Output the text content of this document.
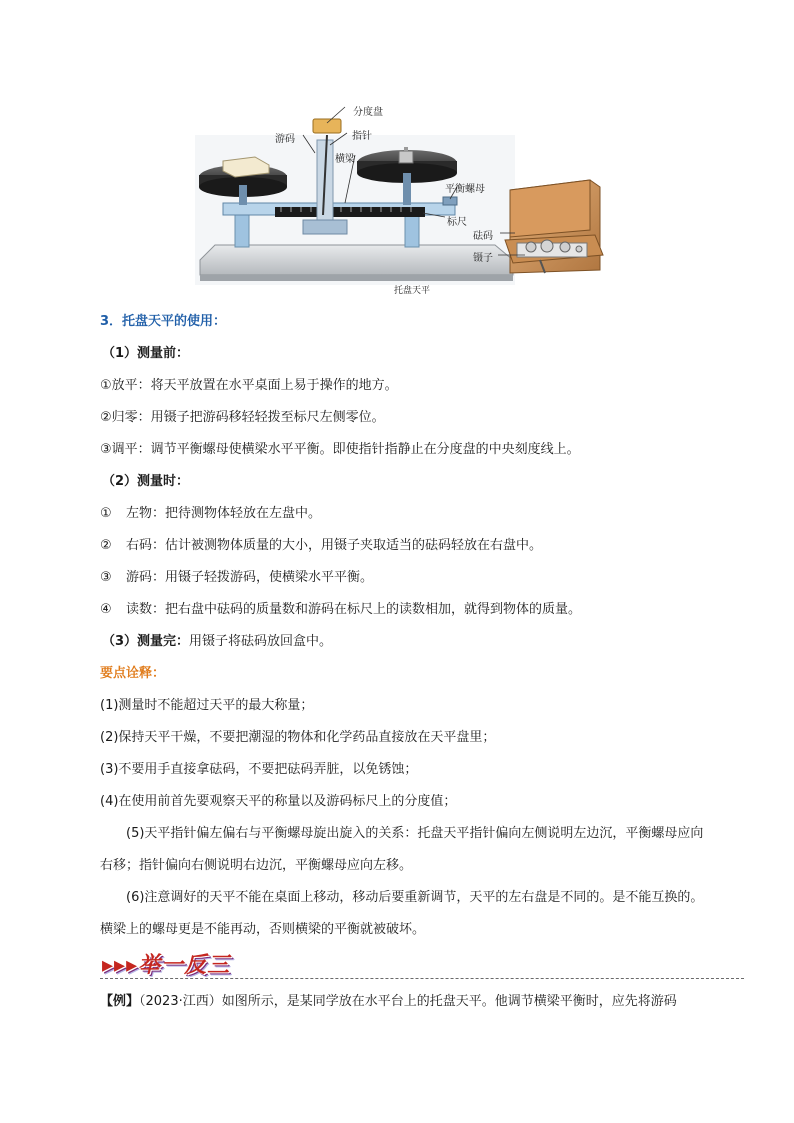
分度盘
游码	指针
横梁
平衡螺母
标尺
砝码
镊子
托盘天平
3．托盘天平的使用：
（1）测量前：
①放平：将天平放置在水平桌面上易于操作的地方。
②归零：用镊子把游码移轻轻拨至标尺左侧零位。
③调平：调节平衡螺母使横梁水平平衡。即使指针指静止在分度盘的中央刻度线上。
（2）测量时：
① 左物：把待测物体轻放在左盘中。
② 右码：估计被测物体质量的大小，用镊子夹取适当的砝码轻放在右盘中。
③ 游码：用镊子轻拨游码，使横梁水平平衡。
④ 读数：把右盘中砝码的质量数和游码在标尺上的读数相加，就得到物体的质量。
（3）测量完：用镊子将砝码放回盒中。
要点诠释：
(1)测量时不能超过天平的最大称量；
(2)保持天平干燥，不要把潮湿的物体和化学药品直接放在天平盘里；
(3)不要用手直接拿砝码，不要把砝码弄脏，以免锈蚀；
(4)在使用前首先要观察天平的称量以及游码标尺上的分度值；
(5)天平指针偏左偏右与平衡螺母旋出旋入的关系：托盘天平指针偏向左侧说明左边沉，平衡螺母应向
右移；指针偏向右侧说明右边沉，平衡螺母应向左移。
(6)注意调好的天平不能在桌面上移动，移动后要重新调节，天平的左右盘是不同的。是不能互换的。
横梁上的螺母更是不能再动，否则横梁的平衡就被破坏。
▸▸▸举一反三
【例】（2023·江西）如图所示，是某同学放在水平台上的托盘天平。他调节横梁平衡时，应先将游码
